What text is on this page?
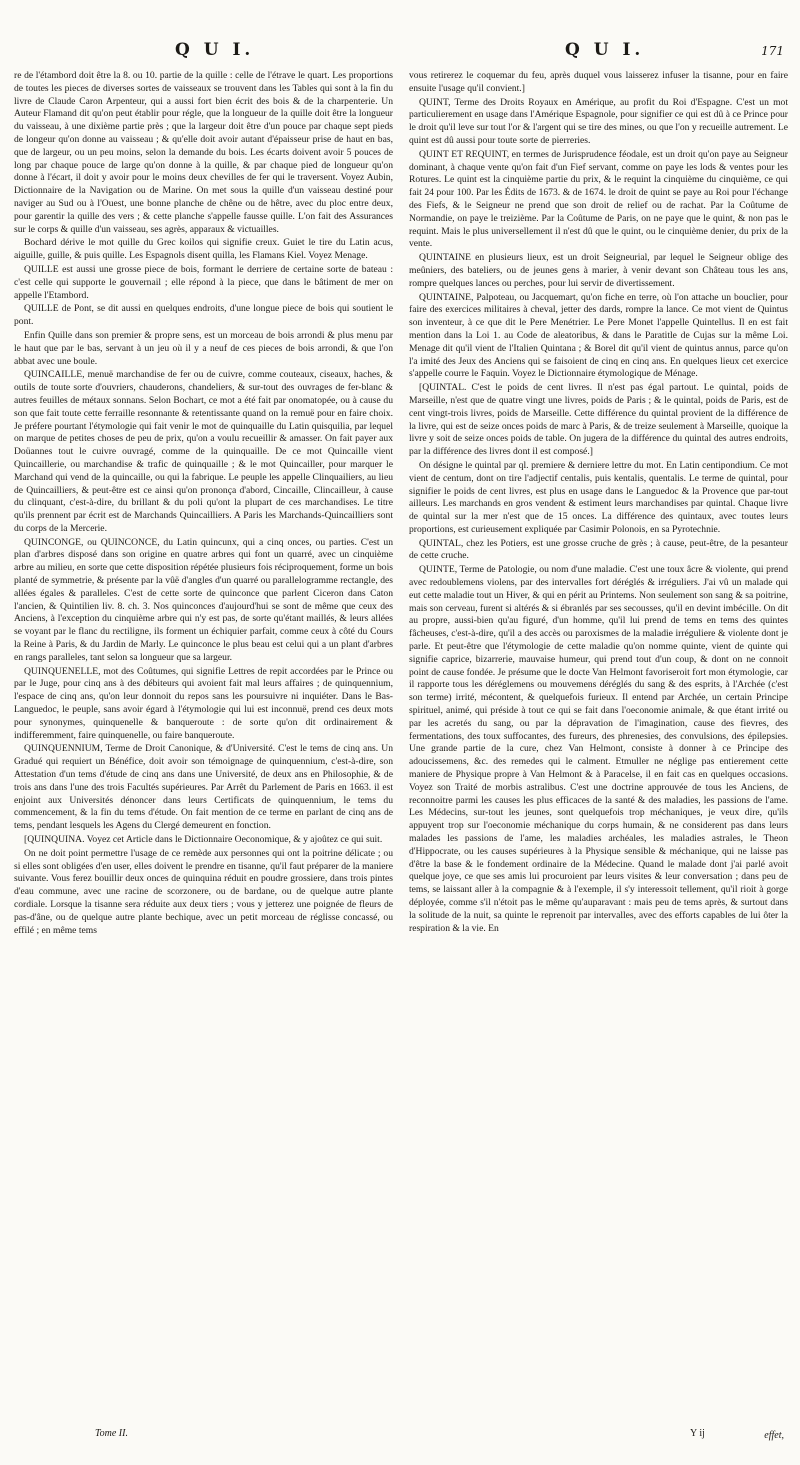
Q U I.	Q U I.	171

re de l'étambord doit être la 8. ou 10. partie de la quille : celle de l'étrave le quart. Les proportions de toutes les pieces de diverses sortes de vaisseaux se trouvent dans les Tables qui sont à la fin du livre de Claude Caron Arpenteur, qui a aussi fort bien écrit des bois & de la charpenterie. Un Auteur Flamand dit qu'on peut établir pour régle, que la longueur de la quille doit être la longueur du vaisseau, à une dixième partie près ; que la largeur doit être d'un pouce par chaque sept pieds de longeur qu'on donne au vaisseau ; & qu'elle doit avoir autant d'épaisseur prise de haut en bas, que de largeur, ou un peu moins, selon la demande du bois. Les écarts doivent avoir 5 pouces de long par chaque pouce de large qu'on donne à la quille, & par chaque pied de longueur qu'on donne à l'écart, il doit y avoir pour le moins deux chevilles de fer qui le traversent. Voyez Aubin, Dictionnaire de la Navigation ou de Marine. On met sous la quille d'un vaisseau destiné pour naviger au Sud ou à l'Ouest, une bonne planche de chêne ou de hêtre, avec du ploc entre deux, pour garentir la quille des vers ; & cette planche s'appelle fausse quille. L'on fait des Assurances sur le corps & quille d'un vaisseau, ses agrès, apparaux & victuailles.

Bochard dérive le mot quille du Grec koilos qui signifie creux. Guiet le tire du Latin acus, aiguille, guille, & puis quille. Les Espagnols disent quilla, les Flamans Kiel. Voyez Menage.

QUILLE est aussi une grosse piece de bois, formant le derriere de certaine sorte de bateau : c'est celle qui supporte le gouvernail ; elle répond à la piece, que dans le bâtiment de mer on appelle l'Etambord.

QUILLE de Pont, se dit aussi en quelques endroits, d'une longue piece de bois qui soutient le pont.

Enfin Quille dans son premier & propre sens, est un morceau de bois arrondi & plus menu par le haut que par le bas, servant à un jeu où il y a neuf de ces pieces de bois arrondi, & que l'on abbat avec une boule.

QUINCAILLE, menuë marchandise de fer ou de cuivre, comme couteaux, ciseaux, haches, & outils de toute sorte d'ouvriers, chauderons, chandeliers, & sur-tout des ouvrages de fer-blanc & autres feuilles de métaux sonnans. Selon Bochart, ce mot a été fait par onomatopée, ou à cause du son que fait toute cette ferraille resonnante & retentissante quand on la remuë pour en faire choix. Je préfere pourtant l'étymologie qui fait venir le mot de quinquaille du Latin quisquilia, par lequel on marque de petites choses de peu de prix, qu'on a voulu recueillir & amasser. On fait payer aux Doüannes tout le cuivre ouvragé, comme de la quinquaille. De ce mot Quincaille vient Quincaillerie, ou marchandise & trafic de quinquaille ; & le mot Quincailler, pour marquer le Marchand qui vend de la quincaille, ou qui la fabrique. Le peuple les appelle Clinquailiers, au lieu de Quincailliers, & peut-être est ce ainsi qu'on prononça d'abord, Cincaille, Clincailleur, à cause du clinquant, c'est-à-dire, du brillant & du poli qu'ont la plupart de ces marchandises. Le titre qu'ils prennent par écrit est de Marchands Quincailliers. A Paris les Marchands-Quincailliers sont du corps de la Mercerie.

QUINCONGE, ou QUINCONCE, du Latin quincunx, qui a cinq onces, ou parties. C'est un plan d'arbres disposé dans son origine en quatre arbres qui font un quarré, avec un cinquième arbre au milieu, en sorte que cette disposition répétée plusieurs fois réciproquement, forme un bois planté de symmetrie, & présente par la vûë d'angles d'un quarré ou parallelogramme rectangle, des allées égales & paralleles. C'est de cette sorte de quinconce que parlent Ciceron dans Caton l'ancien, & Quintilien liv. 8. ch. 3. Nos quinconces d'aujourd'hui se sont de même que ceux des Anciens, à l'exception du cinquième arbre qui n'y est pas, de sorte qu'étant maillés, & leurs allées se voyant par le flanc du rectiligne, ils forment un échiquier parfait, comme ceux à côté du Cours la Reine à Paris, & du Jardin de Marly. Le quinconce le plus beau est celui qui a un plant d'arbres en rangs paralleles, tant selon sa longueur que sa largeur.

QUINQUENELLE, mot des Coûtumes, qui signifie Lettres de repit accordées par le Prince ou par le Juge, pour cinq ans à des débiteurs qui avoient fait mal leurs affaires ; de quinquennium, l'espace de cinq ans, qu'on leur donnoit du repos sans les poursuivre ni inquiéter. Dans le Bas-Languedoc, le peuple, sans avoir égard à l'étymologie qui lui est inconnuë, prend ces deux mots pour synonymes, quinquenelle & banqueroute : de sorte qu'on dit ordinairement & indifferemment, faire quinquenelle, ou faire banqueroute.

QUINQUENNIUM, Terme de Droit Canonique, & d'Université. C'est le tems de cinq ans. Un Gradué qui requiert un Bénéfice, doit avoir son témoignage de quinquennium, c'est-à-dire, son Attestation d'un tems d'étude de cinq ans dans une Université, de deux ans en Philosophie, & de trois ans dans l'une des trois Facultés supérieures. Par Arrêt du Parlement de Paris en 1663. il est enjoint aux Universités dénoncer dans leurs Certificats de quinquennium, le tems du commencement, & la fin du tems d'étude. On fait mention de ce terme en parlant de cinq ans de tems, pendant lesquels les Agens du Clergé demeurent en fonction.

[QUINQUINA. Voyez cet Article dans le Dictionnaire Oeconomique, & y ajoûtez ce qui suit.

On ne doit point permettre l'usage de ce remède aux personnes qui ont la poitrine délicate ; ou si elles sont obligées d'en user, elles doivent le prendre en tisanne, qu'il faut préparer de la maniere suivante. Vous ferez bouillir deux onces de quinquina réduit en poudre grossiere, dans trois pintes d'eau commune, avec une racine de scorzonere, ou de bardane, ou de quelque autre plante cordiale. Lorsque la tisanne sera réduite aux deux tiers ; vous y jetterez une poignée de fleurs de pas-d'âne, ou de quelque autre plante bechique, avec un petit morceau de réglisse concassé, ou effilé ; en même tems

vous retirerez le coquemar du feu, après duquel vous laisserez infuser la tisanne, pour en faire ensuite l'usage qu'il convient.]

QUINT, Terme des Droits Royaux en Amérique, au profit du Roi d'Espagne. C'est un mot particulierement en usage dans l'Amérique Espagnole, pour signifier ce qui est dû à ce Prince pour le droit qu'il leve sur tout l'or & l'argent qui se tire des mines, ou que l'on y recueille autrement. Le quint est dû aussi pour toute sorte de pierreries.

QUINT ET REQUINT, en termes de Jurisprudence féodale, est un droit qu'on paye au Seigneur dominant, à chaque vente qu'on fait d'un Fief servant, comme on paye les lods & ventes pour les Rotures. Le quint est la cinquième partie du prix, & le requint la cinquième du cinquième, ce qui fait 24 pour 100. Par les Édits de 1673. & de 1674. le droit de quint se paye au Roi pour l'échange des Fiefs, & le Seigneur ne prend que son droit de relief ou de rachat. Par la Coûtume de Normandie, on paye le treizième. Par la Coûtume de Paris, on ne paye que le quint, & non pas le requint. Mais le plus universellement il n'est dû que le quint, ou le cinquième denier, du prix de la vente.

QUINTAINE en plusieurs lieux, est un droit Seigneurial, par lequel le Seigneur oblige des meûniers, des bateliers, ou de jeunes gens à marier, à venir devant son Château tous les ans, rompre quelques lances ou perches, pour lui servir de divertissement.

QUINTAINE, Palpoteau, ou Jacquemart, qu'on fiche en terre, où l'on attache un bouclier, pour faire des exercices militaires à cheval, jetter des dards, rompre la lance. Ce mot vient de Quintus son inventeur, à ce que dit le Pere Menétrier. Le Pere Monet l'appelle Quintellus. Il en est fait mention dans la Loi 1. au Code de aleatoribus, & dans le Paratitle de Cujas sur la même Loi. Menage dit qu'il vient de l'Italien Quintana ; & Borel dit qu'il vient de quintus annus, parce qu'on l'a imité des Jeux des Anciens qui se faisoient de cinq en cinq ans. En quelques lieux cet exercice s'appelle courre le Faquin. Voyez le Dictionnaire étymologique de Ménage.

[QUINTAL. C'est le poids de cent livres. Il n'est pas égal partout. Le quintal, poids de Marseille, n'est que de quatre vingt une livres, poids de Paris ; & le quintal, poids de Paris, est de cent vingt-trois livres, poids de Marseille. Cette différence du quintal provient de la différence de la livre, qui est de seize onces poids de marc à Paris, & de treize seulement à Marseille, quoique la livre y soit de seize onces poids de table. On jugera de la différence du quintal des autres endroits, par la différence des livres dont il est composé.]

On désigne le quintal par ql. premiere & derniere lettre du mot. En Latin centipondium. Ce mot vient de centum, dont on tire l'adjectif centalis, puis kentalis, quentalis. Le terme de quintal, pour signifier le poids de cent livres, est plus en usage dans le Languedoc & la Provence que par-tout ailleurs. Les marchands en gros vendent & estiment leurs marchandises par quintal. Chaque livre de quintal sur la mer n'est que de 15 onces. La différence des quintaux, avec toutes leurs proportions, est curieusement expliquée par Casimir Polonois, en sa Pyrotechnie.

QUINTAL, chez les Potiers, est une grosse cruche de grès ; à cause, peut-être, de la pesanteur de cette cruche.

QUINTE, Terme de Patologie, ou nom d'une maladie. C'est une toux âcre & violente, qui prend avec redoublemens violens, par des intervalles fort déréglés & irréguliers. J'ai vû un malade qui eut cette maladie tout un Hiver, & qui en périt au Printems. Non seulement son sang & sa poitrine, mais son cerveau, furent si altérés & si ébranlés par ses secousses, qu'il en devint imbécille. On dit au propre, aussi-bien qu'au figuré, d'un homme, qu'il lui prend de tems en tems des quintes fâcheuses, c'est-à-dire, qu'il a des accès ou paroxismes de la maladie irréguliere & violente dont je parle. Et peut-être que l'étymologie de cette maladie qu'on nomme quinte, vient de quinte qui signifie caprice, bizarrerie, mauvaise humeur, qui prend tout d'un coup, & dont on ne connoit point de cause fondée. Je présume que le docte Van Helmont favoriseroit fort mon étymologie, car il rapporte tous les déréglemens ou mouvemens déréglés du sang & des esprits, à l'Archée (c'est son terme) irrité, mécontent, & quelquefois furieux. Il entend par Archée, un certain Principe spirituel, animé, qui préside à tout ce qui se fait dans l'oeconomie animale, & que étant irrité ou par les acretés du sang, ou par la dépravation de l'imagination, cause des fievres, des fermentations, des toux suffocantes, des fureurs, des phrenesies, des convulsions, des épilepsies. Une grande partie de la cure, chez Van Helmont, consiste à donner à ce Principe des adoucissemens, &c. des remedes qui le calment. Etmuller ne néglige pas entierement cette maniere de Physique propre à Van Helmont & à Paracelse, il en fait cas en quelques occasions. Voyez son Traité de morbis astralibus. C'est une doctrine approuvée de tous les Anciens, de reconnoitre parmi les causes les plus efficaces de la santé & des maladies, les passions de l'ame. Les Médecins, sur-tout les jeunes, sont quelquefois trop méchaniques, je veux dire, qu'ils appuyent trop sur l'oeconomie méchanique du corps humain, & ne considerent pas dans leurs malades les passions de l'ame, les maladies archéales, les maladies astrales, le Theon d'Hippocrate, ou les causes supérieures à la Physique sensible & méchanique, qui ne laisse pas d'être la base & le fondement ordinaire de la Médecine. Quand le malade dont j'ai parlé avoit quelque joye, ce que ses amis lui procuroient par leurs visites & leur conversation ; dans peu de tems, se laissant aller à la compagnie & à l'exemple, il s'y interessoit tellement, qu'il rioit à gorge déployée, comme s'il n'étoit pas le même qu'auparavant : mais peu de tems après, & surtout dans la solitude de la nuit, sa quinte le reprenoit par intervalles, avec des efforts capables de lui ôter la respiration & la vie. En

Tome II.	Y ij	effet,
